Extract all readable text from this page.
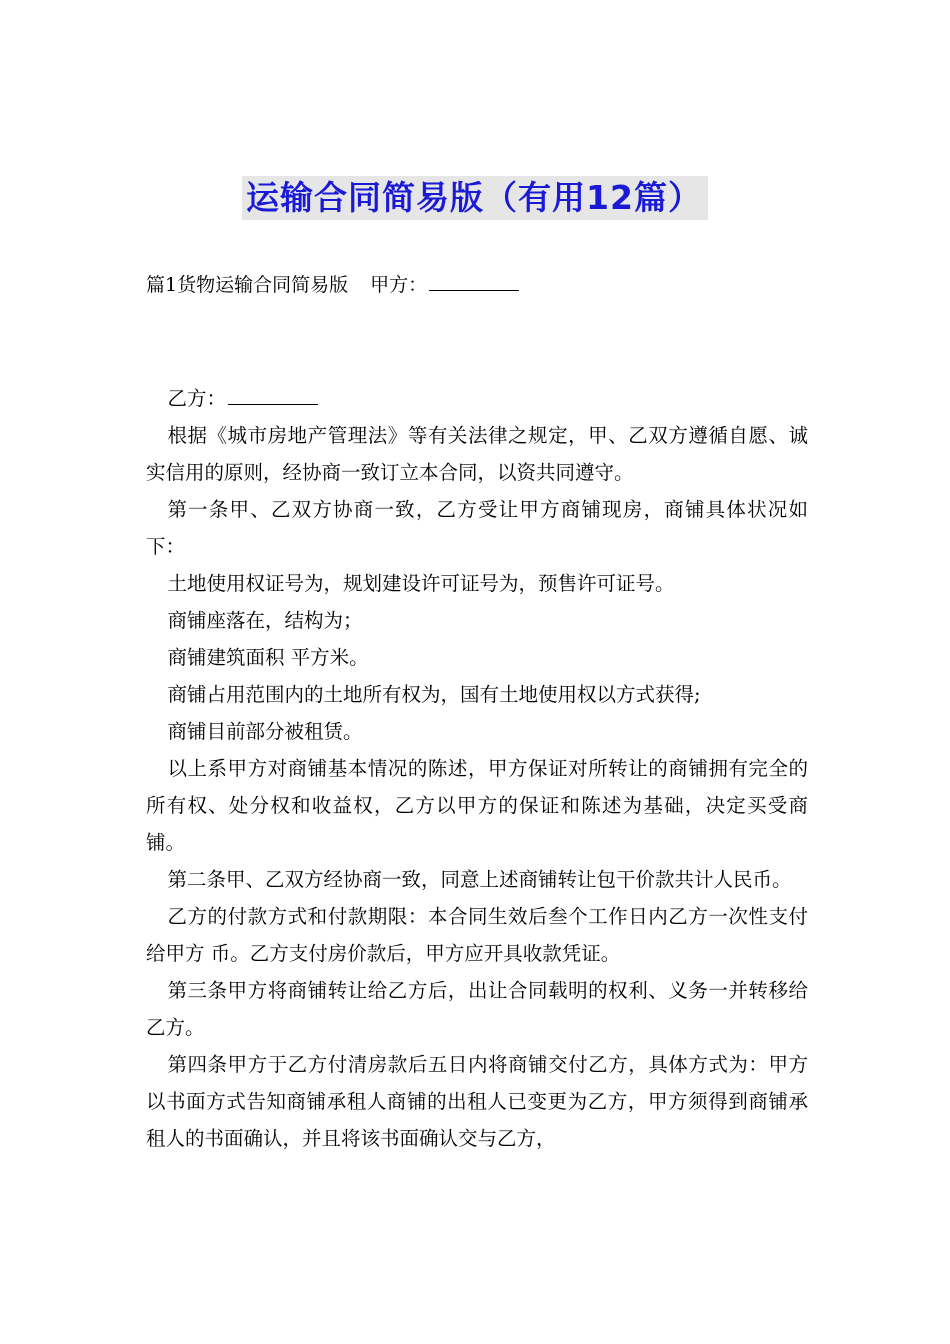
运输合同简易版（有用12篇）
篇1货物运输合同简易版 甲方：

乙方：

根据《城市房地产管理法》等有关法律之规定，甲、乙双方遵循自愿、诚实信用的原则，经协商一致订立本合同，以资共同遵守。

第一条甲、乙双方协商一致，乙方受让甲方商铺现房，商铺具体状况如下：

土地使用权证号为，规划建设许可证号为，预售许可证号。

商铺座落在，结构为；

商铺建筑面积 平方米。

商铺占用范围内的土地所有权为，国有土地使用权以方式获得;

商铺目前部分被租赁。

以上系甲方对商铺基本情况的陈述，甲方保证对所转让的商铺拥有完全的所有权、处分权和收益权，乙方以甲方的保证和陈述为基础，决定买受商铺。

第二条甲、乙双方经协商一致，同意上述商铺转让包干价款共计人民币。

乙方的付款方式和付款期限：本合同生效后叁个工作日内乙方一次性支付给甲方 币。乙方支付房价款后，甲方应开具收款凭证。

第三条甲方将商铺转让给乙方后，出让合同载明的权利、义务一并转移给乙方。

第四条甲方于乙方付清房款后五日内将商铺交付乙方，具体方式为：甲方以书面方式告知商铺承租人商铺的出租人已变更为乙方，甲方须得到商铺承租人的书面确认，并且将该书面确认交与乙方，
